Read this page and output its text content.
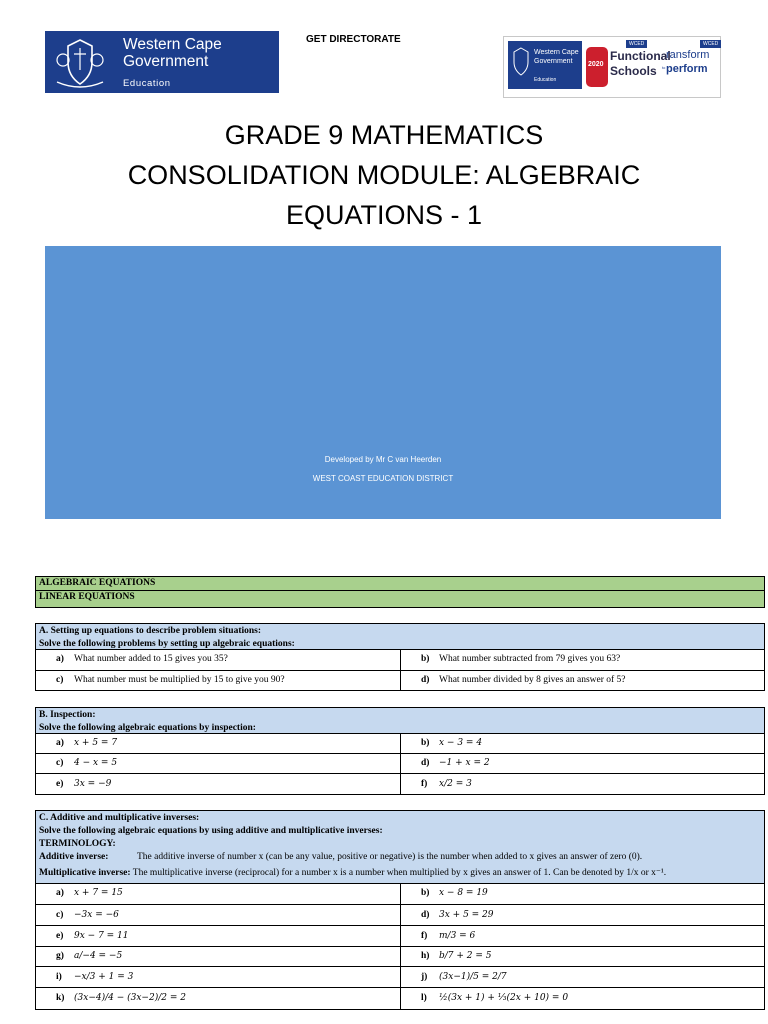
Western Cape
Government
Education
GET DIRECTORATE
Western Cape
Government
Education
2020
WCED
Functional
Schools
WCED
ransform
to perform
GRADE 9 MATHEMATICS
CONSOLIDATION MODULE: ALGEBRAIC
EQUATIONS - 1
Developed by Mr C van Heerden
WEST COAST EDUCATION DISTRICT
ALGEBRAIC EQUATIONS
LINEAR EQUATIONS
A. Setting up equations to describe problem situations:
Solve the following problems by setting up algebraic equations:
a) What number added to 15 gives you 35?	b) What number subtracted from 79 gives you 63?
c) What number must be multiplied by 15 to give you 90?	d) What number divided by 8 gives an answer of 5?
B. Inspection:
Solve the following algebraic equations by inspection:
a) x + 5 = 7	b) x − 3 = 4
c) 4 − x = 5	d) −1 + x = 2
e) 3x = −9	f) x/2 = 3
C. Additive and multiplicative inverses:
Solve the following algebraic equations by using additive and multiplicative inverses:
TERMINOLOGY:
Additive inverse:	The additive inverse of number x (can be any value, positive or negative) is the number when added to x gives an answer of zero (0).
Multiplicative inverse: The multiplicative inverse (reciprocal) for a number x is a number when multiplied by x gives an answer of 1. Can be denoted by 1/x or x⁻¹.
a) x + 7 = 15	b) x − 8 = 19
c) −3x = −6	d) 3x + 5 = 29
e) 9x − 7 = 11	f) m/3 = 6
g) a/−4 = −5	h) b/7 + 2 = 5
i) −x/3 + 1 = 3	j) (3x−1)/5 = 2/7
k) (3x−4)/4 − (3x−2)/2 = 2	l) ½(3x + 1) + ⅓(2x + 10) = 0
